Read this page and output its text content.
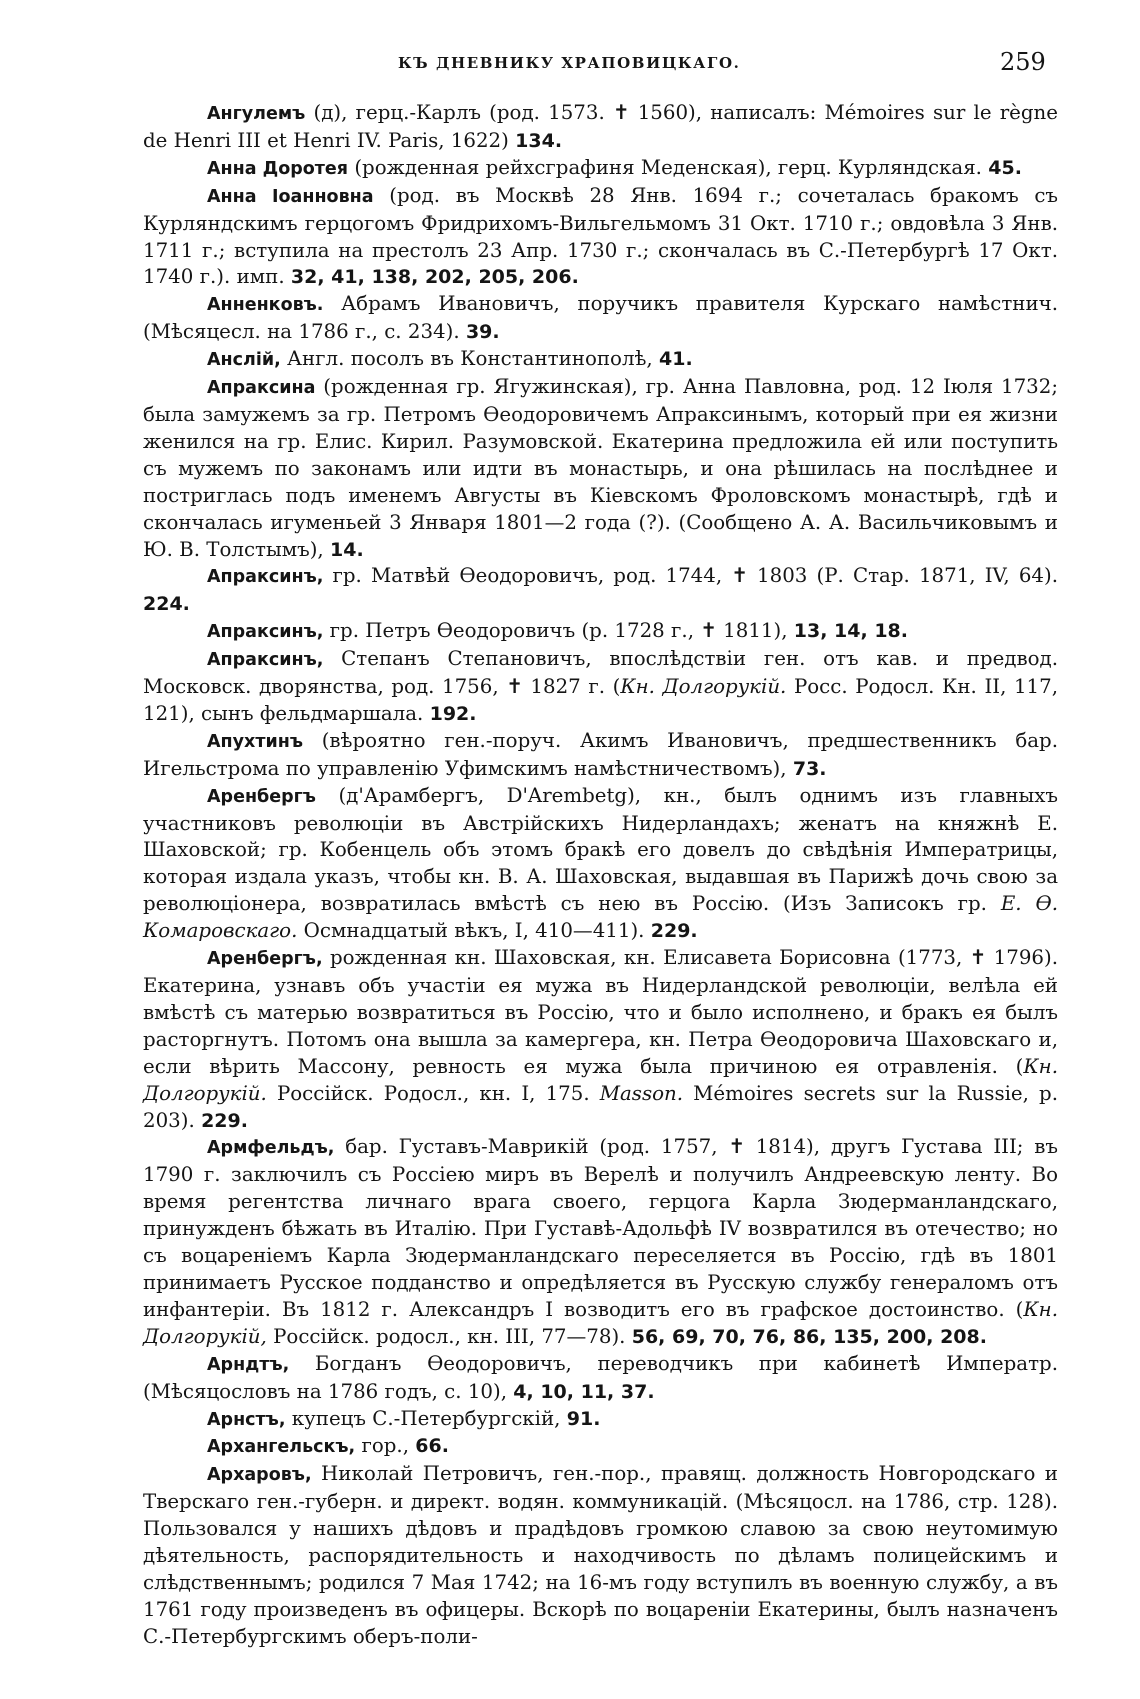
КЪ ДНЕВНИКУ ХРАПОВИЦКАГО.	259

Ангулемъ (д), герц.-Карлъ (род. 1573. ✝ 1560), написалъ: Mémoires sur le règne de Henri III et Henri IV. Paris, 1622) 134.

Анна Доротея (рожденная рейхсграфиня Меденская), герц. Курляндская. 45.

Анна Іоанновна (род. въ Москвѣ 28 Янв. 1694 г.; сочеталась бракомъ съ Курляндскимъ герцогомъ Фридрихомъ-Вильгельмомъ 31 Окт. 1710 г.; овдовѣла 3 Янв. 1711 г.; вступила на престолъ 23 Апр. 1730 г.; скончалась въ С.-Петербургѣ 17 Окт. 1740 г.). имп. 32, 41, 138, 202, 205, 206.

Анненковъ. Абрамъ Ивановичъ, поручикъ правителя Курскаго намѣстнич. (Мѣсяцесл. на 1786 г., с. 234). 39.

Анслій, Англ. посолъ въ Константинополѣ, 41.

Апраксина (рожденная гр. Ягужинская), гр. Анна Павловна, род. 12 Іюля 1732; была замужемъ за гр. Петромъ Ѳеодоровичемъ Апраксинымъ, который при ея жизни женился на гр. Елис. Кирил. Разумовской. Екатерина предложила ей или поступить съ мужемъ по законамъ или идти въ монастырь, и она рѣшилась на послѣднее и постриглась подъ именемъ Августы въ Кіевскомъ Фроловскомъ монастырѣ, гдѣ и скончалась игуменьей 3 Января 1801—2 года (?). (Сообщено А. А. Васильчиковымъ и Ю. В. Толстымъ), 14.

Апраксинъ, гр. Матвѣй Ѳеодоровичъ, род. 1744, ✝ 1803 (Р. Стар. 1871, IV, 64). 224.

Апраксинъ, гр. Петръ Ѳеодоровичъ (р. 1728 г., ✝ 1811), 13, 14, 18.

Апраксинъ, Степанъ Степановичъ, впослѣдствіи ген. отъ кав. и предвод. Московск. дворянства, род. 1756, ✝ 1827 г. (Кн. Долгорукій. Росс. Родосл. Кн. II, 117, 121), сынъ фельдмаршала. 192.

Апухтинъ (вѣроятно ген.-поруч. Акимъ Ивановичъ, предшественникъ бар. Игельстрома по управленію Уфимскимъ намѣстничествомъ), 73.

Аренбергъ (д'Арамбергъ, D'Arembetg), кн., былъ однимъ изъ главныхъ участниковъ революціи въ Австрійскихъ Нидерландахъ; женатъ на княжнѣ Е. Шаховской; гр. Кобенцель объ этомъ бракѣ его довелъ до свѣдѣнія Императрицы, которая издала указъ, чтобы кн. В. А. Шаховская, выдавшая въ Парижѣ дочь свою за революціонера, возвратилась вмѣстѣ съ нею въ Россію. (Изъ Записокъ гр. Е. Ѳ. Комаровскаго. Осмнадцатый вѣкъ, I, 410—411). 229.

Аренбергъ, рожденная кн. Шаховская, кн. Елисавета Борисовна (1773, ✝ 1796). Екатерина, узнавъ объ участіи ея мужа въ Нидерландской революціи, велѣла ей вмѣстѣ съ матерью возвратиться въ Россію, что и было исполнено, и бракъ ея былъ расторгнутъ. Потомъ она вышла за камергера, кн. Петра Ѳеодоровича Шаховскаго и, если вѣрить Массону, ревность ея мужа была причиною ея отравленія. (Кн. Долгорукій. Россійск. Родосл., кн. I, 175. Masson. Mémoires secrets sur la Russie, p. 203). 229.

Армфельдъ, бар. Густавъ-Маврикій (род. 1757, ✝ 1814), другъ Густава III; въ 1790 г. заключилъ съ Россіею миръ въ Верелѣ и получилъ Андреевскую ленту. Во время регентства личнаго врага своего, герцога Карла Зюдерманландскаго, принужденъ бѣжать въ Италію. При Густавѣ-Адольфѣ IV возвратился въ отечество; но съ воцареніемъ Карла Зюдерманландскаго переселяется въ Россію, гдѣ въ 1801 принимаетъ Русское подданство и опредѣляется въ Русскую службу генераломъ отъ инфантеріи. Въ 1812 г. Александръ I возводитъ его въ графское достоинство. (Кн. Долгорукій, Россійск. родосл., кн. III, 77—78). 56, 69, 70, 76, 86, 135, 200, 208.

Арндтъ, Богданъ Ѳеодоровичъ, переводчикъ при кабинетѣ Императр. (Мѣсяцословъ на 1786 годъ, с. 10), 4, 10, 11, 37.

Арнстъ, купецъ С.-Петербургскій, 91.

Архангельскъ, гор., 66.

Архаровъ, Николай Петровичъ, ген.-пор., правящ. должность Новгородскаго и Тверскаго ген.-губерн. и директ. водян. коммуникацій. (Мѣсяцосл. на 1786, стр. 128). Пользовался у нашихъ дѣдовъ и прадѣдовъ громкою славою за свою неутомимую дѣятельность, распорядительность и находчивость по дѣламъ полицейскимъ и слѣдственнымъ; родился 7 Мая 1742; на 16-мъ году вступилъ въ военную службу, а въ 1761 году произведенъ въ офицеры. Вскорѣ по воцареніи Екатерины, былъ назначенъ С.-Петербургскимъ оберъ-поли-
